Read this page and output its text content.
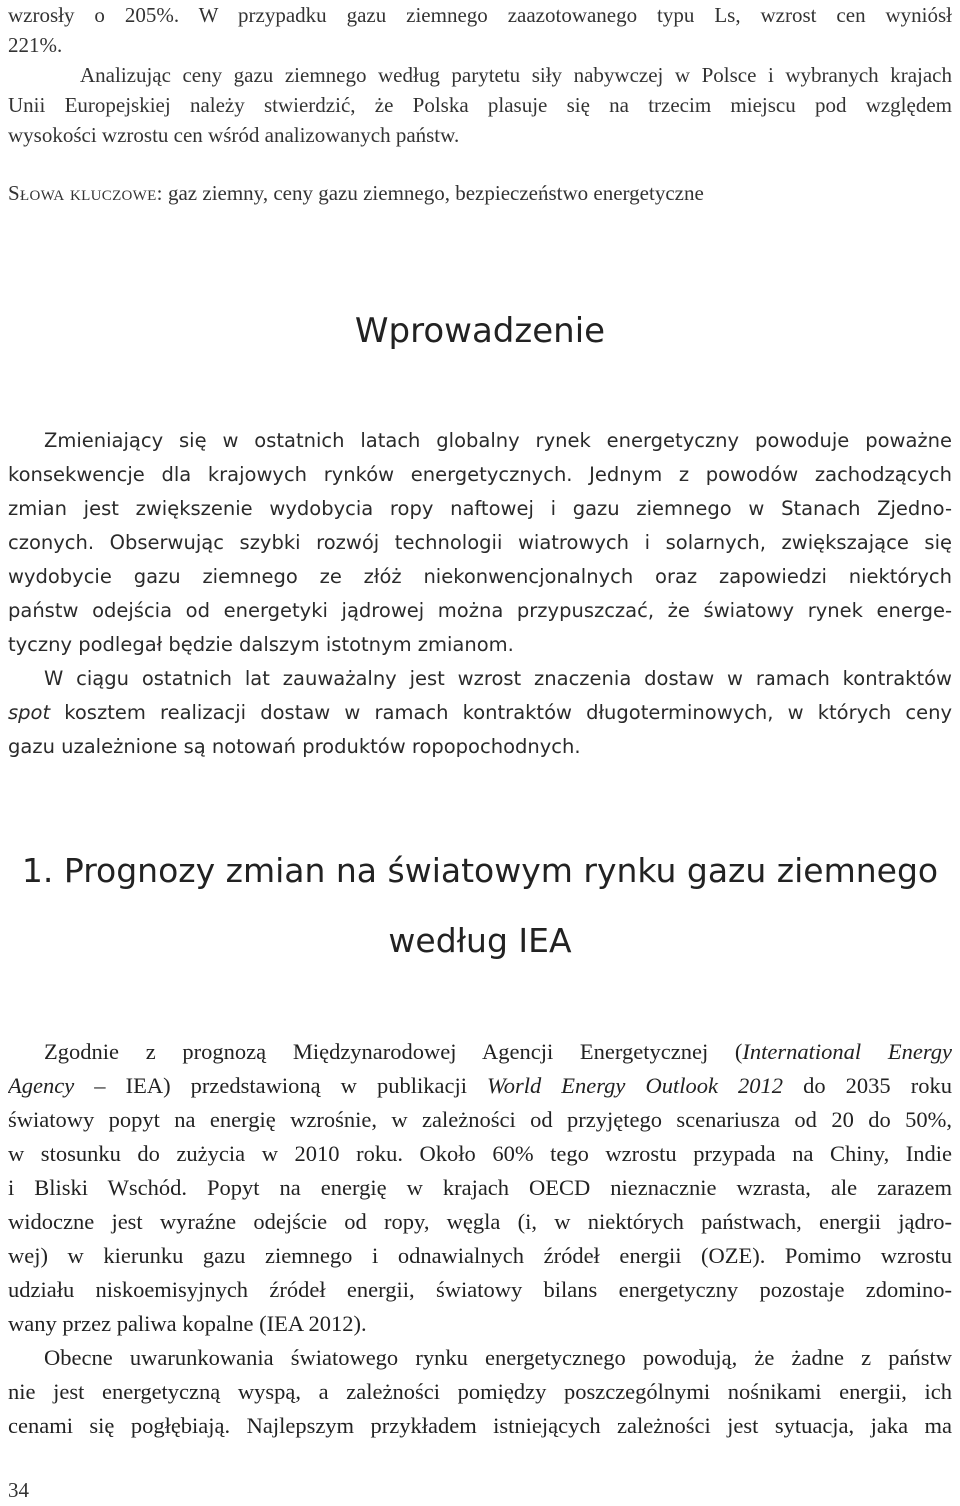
wzrosły o 205%. W przypadku gazu ziemnego zaazotowanego typu Ls, wzrost cen wyniósł
221%.
Analizując ceny gazu ziemnego według parytetu siły nabywczej w Polsce i wybranych krajach
Unii Europejskiej należy stwierdzić, że Polska plasuje się na trzecim miejscu pod względem
wysokości wzrostu cen wśród analizowanych państw.
Słowa kluczowe: gaz ziemny, ceny gazu ziemnego, bezpieczeństwo energetyczne
Wprowadzenie
Zmieniający się w ostatnich latach globalny rynek energetyczny powoduje poważne
konsekwencje dla krajowych rynków energetycznych. Jednym z powodów zachodzących
zmian jest zwiększenie wydobycia ropy naftowej i gazu ziemnego w Stanach Zjedno-
czonych. Obserwując szybki rozwój technologii wiatrowych i solarnych, zwiększające się
wydobycie gazu ziemnego ze złóż niekonwencjonalnych oraz zapowiedzi niektórych
państw odejścia od energetyki jądrowej można przypuszczać, że światowy rynek energe-
tyczny podlegał będzie dalszym istotnym zmianom.
W ciągu ostatnich lat zauważalny jest wzrost znaczenia dostaw w ramach kontraktów
spot kosztem realizacji dostaw w ramach kontraktów długoterminowych, w których ceny
gazu uzależnione są notowań produktów ropopochodnych.
1. Prognozy zmian na światowym rynku gazu ziemnego
według IEA
Zgodnie z prognozą Międzynarodowej Agencji Energetycznej (International Energy
Agency – IEA) przedstawioną w publikacji World Energy Outlook 2012 do 2035 roku
światowy popyt na energię wzrośnie, w zależności od przyjętego scenariusza od 20 do 50%,
w stosunku do zużycia w 2010 roku. Około 60% tego wzrostu przypada na Chiny, Indie
i Bliski Wschód. Popyt na energię w krajach OECD nieznacznie wzrasta, ale zarazem
widoczne jest wyraźne odejście od ropy, węgla (i, w niektórych państwach, energii jądro-
wej) w kierunku gazu ziemnego i odnawialnych źródeł energii (OZE). Pomimo wzrostu
udziału niskoemisyjnych źródeł energii, światowy bilans energetyczny pozostaje zdomino-
wany przez paliwa kopalne (IEA 2012).
Obecne uwarunkowania światowego rynku energetycznego powodują, że żadne z państw
nie jest energetyczną wyspą, a zależności pomiędzy poszczególnymi nośnikami energii, ich
cenami się pogłębiają. Najlepszym przykładem istniejących zależności jest sytuacja, jaka ma
34
